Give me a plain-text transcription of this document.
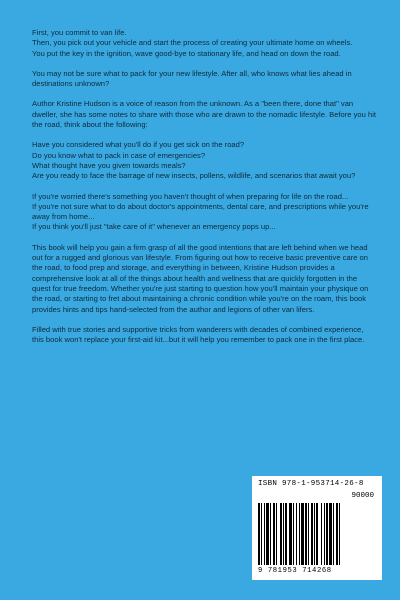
First, you commit to van life.

Then, you pick out your vehicle and start the process of creating your ultimate home on wheels.

You put the key in the ignition, wave good-bye to stationary life, and head on down the road.

You may not be sure what to pack for your new lifestyle. After all, who knows what lies ahead in destinations unknown?

Author Kristine Hudson is a voice of reason from the unknown. As a "been there, done that" van dweller, she has some notes to share with those who are drawn to the nomadic lifestyle. Before you hit the road, think about the following:

Have you considered what you'll do if you get sick on the road?

Do you know what to pack in case of emergencies?

What thought have you given towards meals?

Are you ready to face the barrage of new insects, pollens, wildlife, and scenarios that await you?

If you're worried there's something you haven't thought of when preparing for life on the road...

If you're not sure what to do about doctor's appointments, dental care, and prescriptions while you're away from home...

If you think you'll just "take care of it" whenever an emergency pops up...

This book will help you gain a firm grasp of all the good intentions that are left behind when we head out for a rugged and glorious van lifestyle. From figuring out how to receive basic preventive care on the road, to food prep and storage, and everything in between, Kristine Hudson provides a comprehensive look at all of the things about health and wellness that are quickly forgotten in the quest for true freedom. Whether you're just starting to question how you'll maintain your physique on the road, or starting to fret about maintaining a chronic condition while you're on the roam, this book provides hints and tips hand-selected from the author and legions of other van lifers.

Filled with true stories and supportive tricks from wanderers with decades of combined experience, this book won't replace your first-aid kit...but it will help you remember to pack one in the first place.

ISBN 978-1-953714-26-8
90000
9 781953 714268
